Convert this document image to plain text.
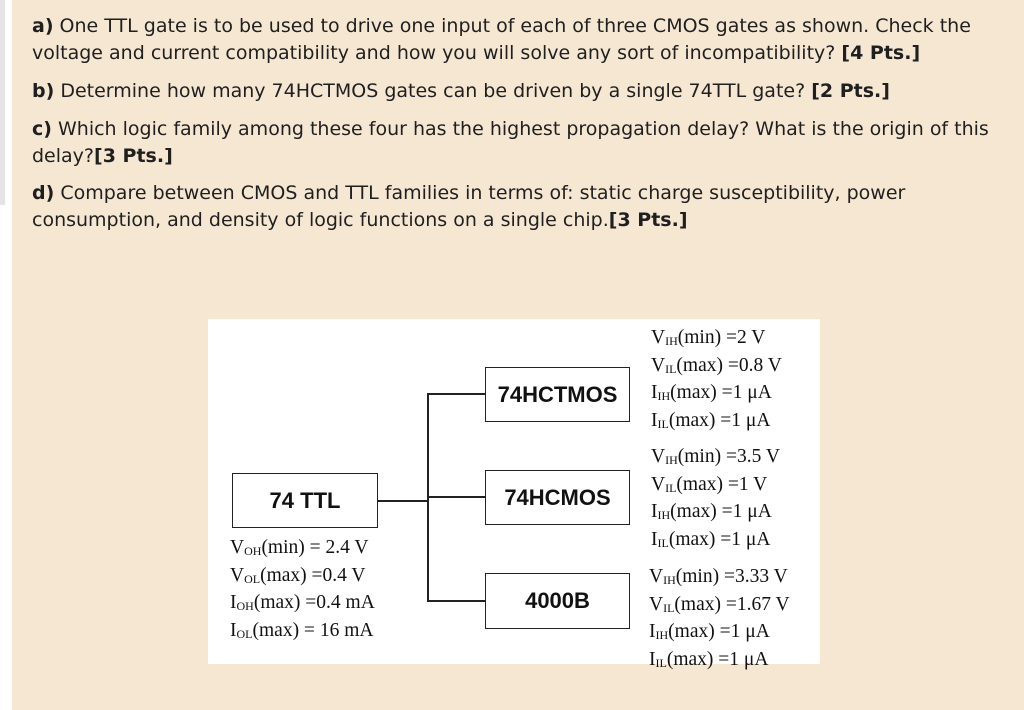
a) One TTL gate is to be used to drive one input of each of three CMOS gates as shown. Check the voltage and current compatibility and how you will solve any sort of incompatibility? [4 Pts.]
b) Determine how many 74HCTMOS gates can be driven by a single 74TTL gate? [2 Pts.]
c) Which logic family among these four has the highest propagation delay? What is the origin of this delay?[3 Pts.]
d) Compare between CMOS and TTL families in terms of: static charge susceptibility, power consumption, and density of logic functions on a single chip.[3 Pts.]
74 TTL
74HCTMOS
74HCMOS
4000B
$V_{OH}(\min) = 2.4$ V
$V_{OL}(\max) =0.4$ V
$I_{OH}(\max) =0.4$ mA
$I_{OL}(\max) = 16$ mA
$V_{IH}(\min) =2$ V
$V_{IL}(\max) =0.8$ V
$I_{IH}(\max) =1$ μA
$I_{IL}(\max) =1$ μA
$V_{IH}(\min) =3.5$ V
$V_{IL}(\max) =1$ V
$I_{IH}(\max) =1$ μA
$I_{IL}(\max) =1$ μA
$V_{IH}(\min) =3.33$ V
$V_{IL}(\max) =1.67$ V
$I_{IH}(\max) =1$ μA
$I_{IL}(\max) =1$ μA
